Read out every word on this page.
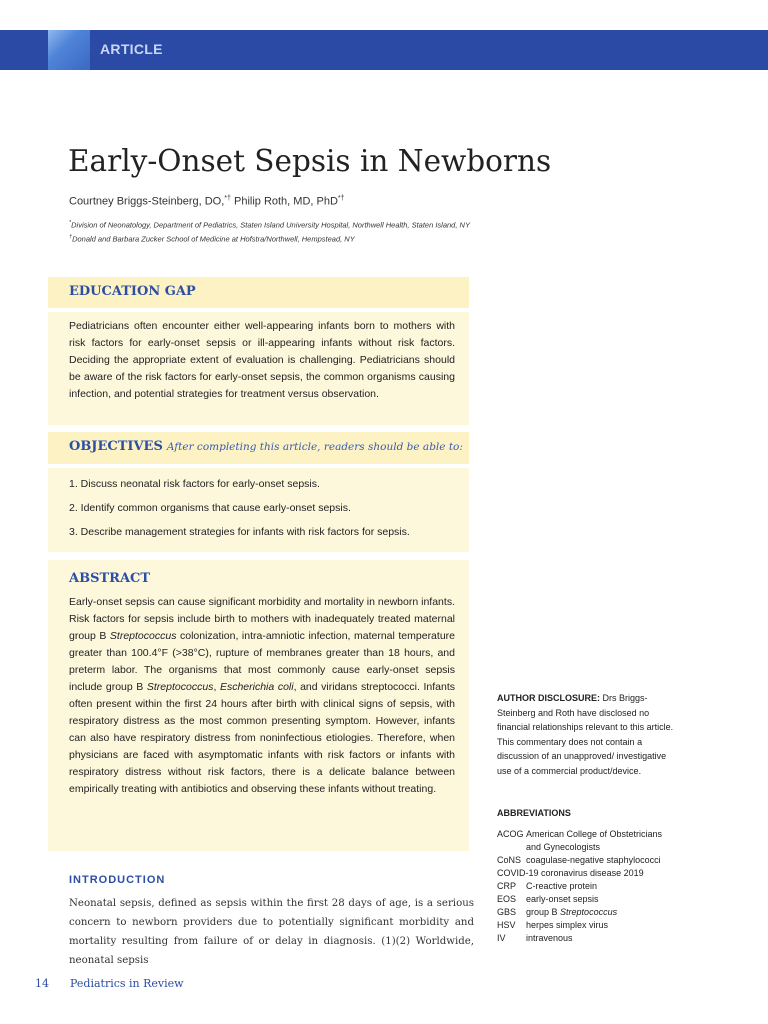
ARTICLE
Early-Onset Sepsis in Newborns
Courtney Briggs-Steinberg, DO,*† Philip Roth, MD, PhD*†
*Division of Neonatology, Department of Pediatrics, Staten Island University Hospital, Northwell Health, Staten Island, NY
†Donald and Barbara Zucker School of Medicine at Hofstra/Northwell, Hempstead, NY
EDUCATION GAP

Pediatricians often encounter either well-appearing infants born to mothers with risk factors for early-onset sepsis or ill-appearing infants without risk factors. Deciding the appropriate extent of evaluation is challenging. Pediatricians should be aware of the risk factors for early-onset sepsis, the common organisms causing infection, and potential strategies for treatment versus observation.

OBJECTIVES After completing this article, readers should be able to:
1. Discuss neonatal risk factors for early-onset sepsis.
2. Identify common organisms that cause early-onset sepsis.
3. Describe management strategies for infants with risk factors for sepsis.
ABSTRACT

Early-onset sepsis can cause significant morbidity and mortality in newborn infants. Risk factors for sepsis include birth to mothers with inadequately treated maternal group B Streptococcus colonization, intra-amniotic infection, maternal temperature greater than 100.4°F (>38°C), rupture of membranes greater than 18 hours, and preterm labor. The organisms that most commonly cause early-onset sepsis include group B Streptococcus, Escherichia coli, and viridans streptococci. Infants often present within the first 24 hours after birth with clinical signs of sepsis, with respiratory distress as the most common presenting symptom. However, infants can also have respiratory distress from noninfectious etiologies. Therefore, when physicians are faced with asymptomatic infants with risk factors or infants with respiratory distress without risk factors, there is a delicate balance between empirically treating with antibiotics and observing these infants without treating.

INTRODUCTION

Neonatal sepsis, defined as sepsis within the first 28 days of age, is a serious concern to newborn providers due to potentially significant morbidity and mortality resulting from failure of or delay in diagnosis. (1)(2) Worldwide, neonatal sepsis

AUTHOR DISCLOSURE: Drs Briggs-Steinberg and Roth have disclosed no financial relationships relevant to this article. This commentary does not contain a discussion of an unapproved/ investigative use of a commercial product/device.

ABBREVIATIONS
ACOG American College of Obstetricians
and Gynecologists
CoNS coagulase-negative staphylococci
COVID-19 coronavirus disease 2019
CRP C-reactive protein
EOS early-onset sepsis
GBS group B Streptococcus
HSV herpes simplex virus
IV intravenous
14 Pediatrics in Review
